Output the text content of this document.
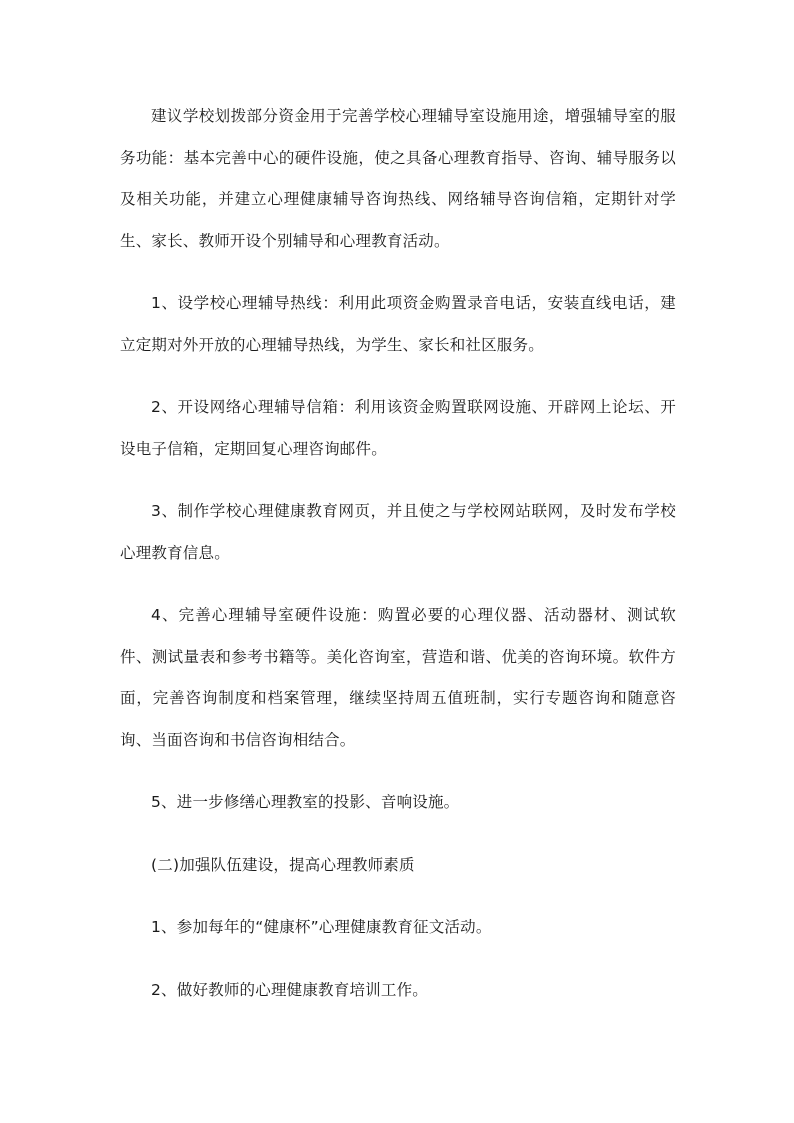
建议学校划拨部分资金用于完善学校心理辅导室设施用途，增强辅导室的服务功能：基本完善中心的硬件设施，使之具备心理教育指导、咨询、辅导服务以及相关功能，并建立心理健康辅导咨询热线、网络辅导咨询信箱，定期针对学生、家长、教师开设个别辅导和心理教育活动。

1、设学校心理辅导热线：利用此项资金购置录音电话，安装直线电话，建立定期对外开放的心理辅导热线，为学生、家长和社区服务。

2、开设网络心理辅导信箱：利用该资金购置联网设施、开辟网上论坛、开设电子信箱，定期回复心理咨询邮件。

3、制作学校心理健康教育网页，并且使之与学校网站联网，及时发布学校心理教育信息。

4、完善心理辅导室硬件设施：购置必要的心理仪器、活动器材、测试软件、测试量表和参考书籍等。美化咨询室，营造和谐、优美的咨询环境。软件方面，完善咨询制度和档案管理，继续坚持周五值班制，实行专题咨询和随意咨询、当面咨询和书信咨询相结合。

5、进一步修缮心理教室的投影、音响设施。

(二)加强队伍建设，提高心理教师素质

1、参加每年的“健康杯”心理健康教育征文活动。

2、做好教师的心理健康教育培训工作。
